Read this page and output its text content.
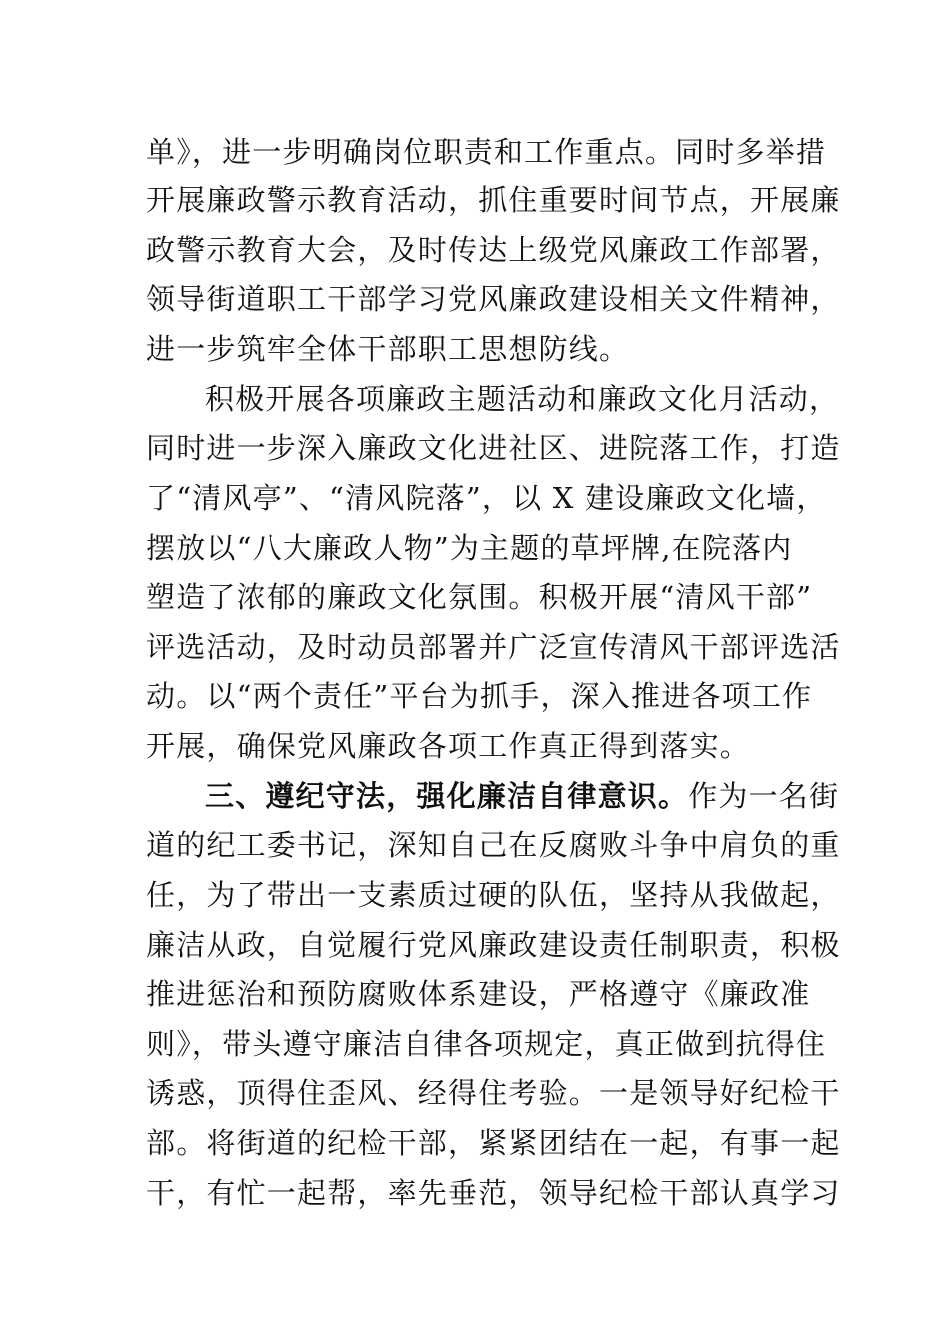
单》，进一步明确岗位职责和工作重点。同时多举措
开展廉政警示教育活动，抓住重要时间节点，开展廉
政警示教育大会，及时传达上级党风廉政工作部署，
领导街道职工干部学习党风廉政建设相关文件精神，
进一步筑牢全体干部职工思想防线。
积极开展各项廉政主题活动和廉政文化月活动，
同时进一步深入廉政文化进社区、进院落工作，打造
了“清风亭”、“清风院落”，以 X 建设廉政文化墙，
摆放以“八大廉政人物”为主题的草坪牌,在院落内
塑造了浓郁的廉政文化氛围。积极开展“清风干部”
评选活动，及时动员部署并广泛宣传清风干部评选活
动。以“两个责任”平台为抓手，深入推进各项工作
开展，确保党风廉政各项工作真正得到落实。
三、遵纪守法，强化廉洁自律意识。作为一名街
道的纪工委书记，深知自己在反腐败斗争中肩负的重
任，为了带出一支素质过硬的队伍，坚持从我做起，
廉洁从政，自觉履行党风廉政建设责任制职责，积极
推进惩治和预防腐败体系建设，严格遵守《廉政准
则》，带头遵守廉洁自律各项规定，真正做到抗得住
诱惑，顶得住歪风、经得住考验。一是领导好纪检干
部。将街道的纪检干部，紧紧团结在一起，有事一起
干，有忙一起帮，率先垂范，领导纪检干部认真学习
